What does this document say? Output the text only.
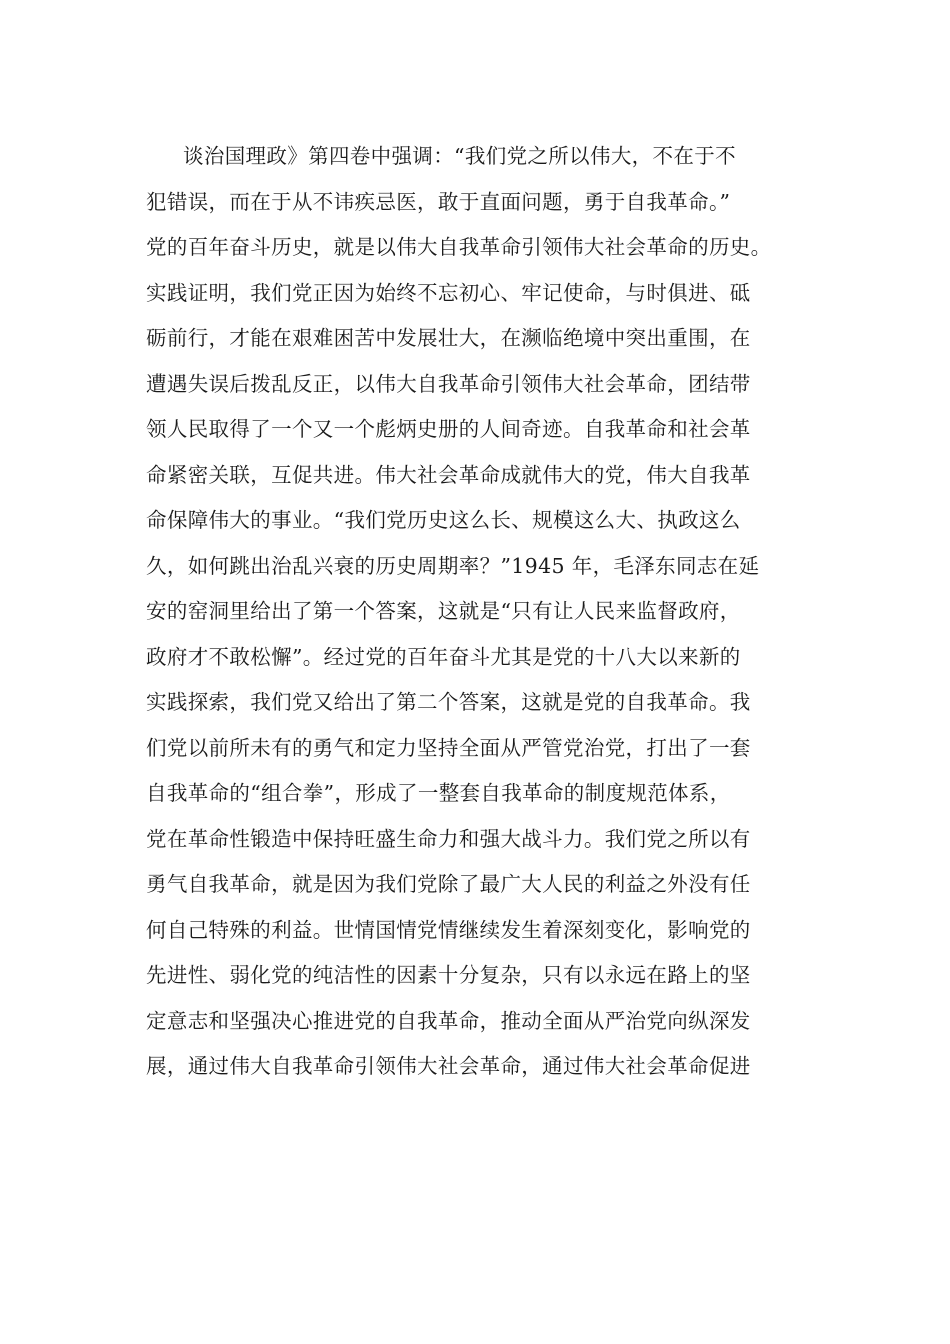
谈治国理政》第四卷中强调：“我们党之所以伟大，不在于不
犯错误，而在于从不讳疾忌医，敢于直面问题，勇于自我革命。”
党的百年奋斗历史，就是以伟大自我革命引领伟大社会革命的历史。
实践证明，我们党正因为始终不忘初心、牢记使命，与时俱进、砥
砺前行，才能在艰难困苦中发展壮大，在濒临绝境中突出重围，在
遭遇失误后拨乱反正，以伟大自我革命引领伟大社会革命，团结带
领人民取得了一个又一个彪炳史册的人间奇迹。自我革命和社会革
命紧密关联，互促共进。伟大社会革命成就伟大的党，伟大自我革
命保障伟大的事业。“我们党历史这么长、规模这么大、执政这么
久，如何跳出治乱兴衰的历史周期率？”1945 年，毛泽东同志在延
安的窑洞里给出了第一个答案，这就是“只有让人民来监督政府，
政府才不敢松懈”。经过党的百年奋斗尤其是党的十八大以来新的
实践探索，我们党又给出了第二个答案，这就是党的自我革命。我
们党以前所未有的勇气和定力坚持全面从严管党治党，打出了一套
自我革命的“组合拳”，形成了一整套自我革命的制度规范体系，
党在革命性锻造中保持旺盛生命力和强大战斗力。我们党之所以有
勇气自我革命，就是因为我们党除了最广大人民的利益之外没有任
何自己特殊的利益。世情国情党情继续发生着深刻变化，影响党的
先进性、弱化党的纯洁性的因素十分复杂，只有以永远在路上的坚
定意志和坚强决心推进党的自我革命，推动全面从严治党向纵深发
展，通过伟大自我革命引领伟大社会革命，通过伟大社会革命促进
